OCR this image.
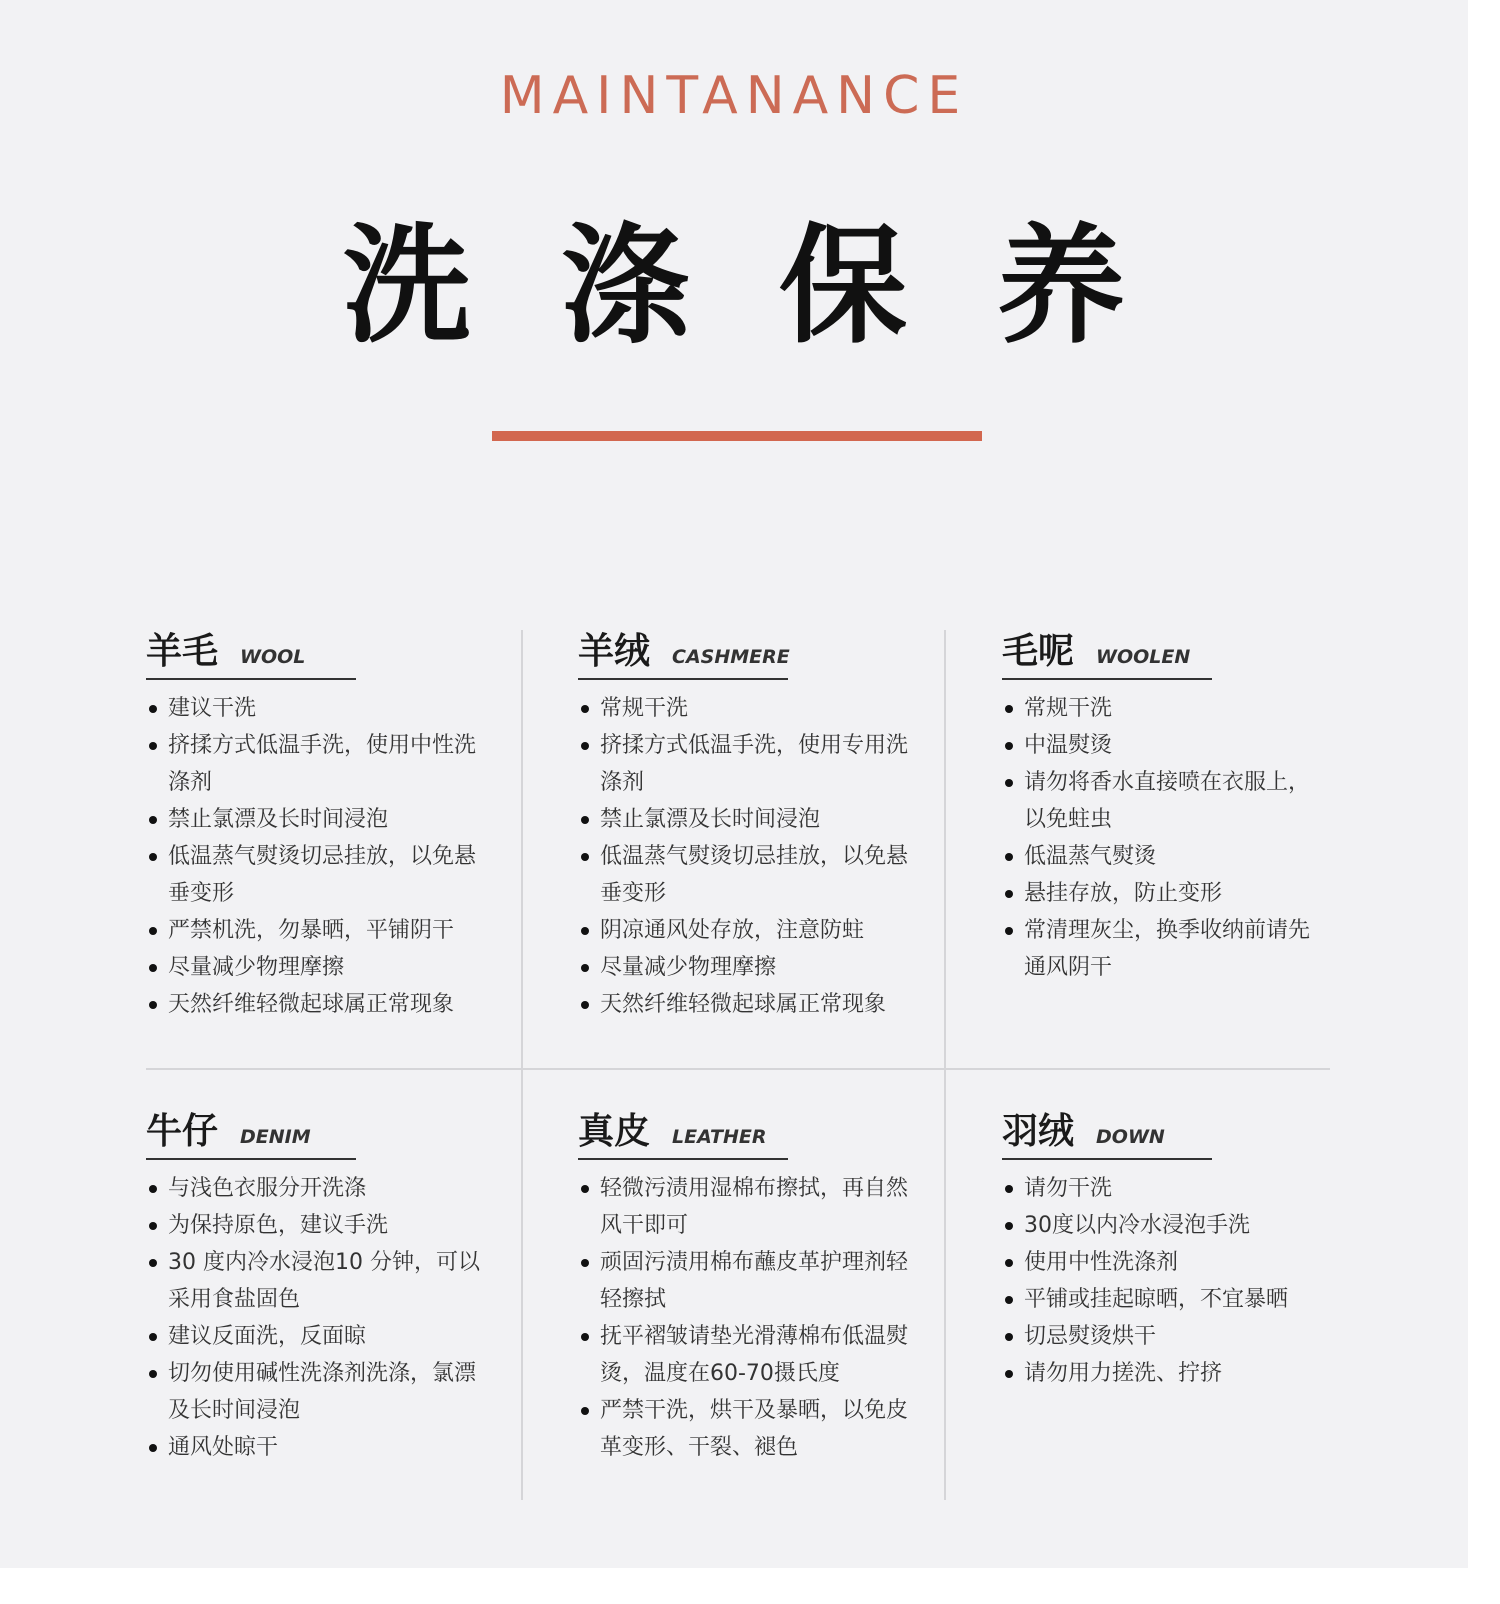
MAINTANANCE
洗涤保养
羊毛 WOOL
建议干洗
挤揉方式低温手洗，使用中性洗涤剂
禁止氯漂及长时间浸泡
低温蒸气熨烫切忌挂放，以免悬垂变形
严禁机洗，勿暴晒，平铺阴干
尽量减少物理摩擦
天然纤维轻微起球属正常现象
羊绒 CASHMERE
常规干洗
挤揉方式低温手洗，使用专用洗涤剂
禁止氯漂及长时间浸泡
低温蒸气熨烫切忌挂放，以免悬垂变形
阴凉通风处存放，注意防蛀
尽量减少物理摩擦
天然纤维轻微起球属正常现象
毛呢 WOOLEN
常规干洗
中温熨烫
请勿将香水直接喷在衣服上，以免蛀虫
低温蒸气熨烫
悬挂存放，防止变形
常清理灰尘，换季收纳前请先通风阴干
牛仔 DENIM
与浅色衣服分开洗涤
为保持原色，建议手洗
30 度内冷水浸泡10 分钟，可以采用食盐固色
建议反面洗，反面晾
切勿使用碱性洗涤剂洗涤，氯漂及长时间浸泡
通风处晾干
真皮 LEATHER
轻微污渍用湿棉布擦拭，再自然风干即可
顽固污渍用棉布蘸皮革护理剂轻轻擦拭
抚平褶皱请垫光滑薄棉布低温熨烫，温度在60-70摄氏度
严禁干洗，烘干及暴晒，以免皮革变形、干裂、褪色
羽绒 DOWN
请勿干洗
30度以内冷水浸泡手洗
使用中性洗涤剂
平铺或挂起晾晒，不宜暴晒
切忌熨烫烘干
请勿用力搓洗、拧挤
